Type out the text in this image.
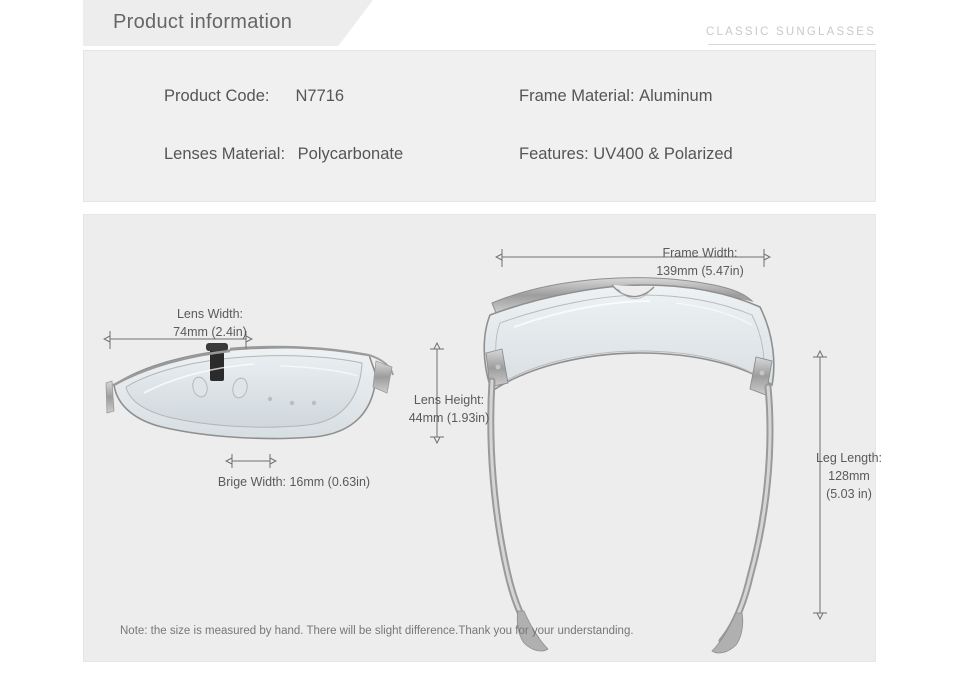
Product information	CLASSIC SUNGLASSES
Product Code: N7716
Lenses Material: Polycarbonate
Frame Material: Aluminum
Features: UV400 & Polarized
Frame Width:
139mm (5.47in)
Lens Width:
74mm (2.4in)
Lens Height:
44mm (1.93in)
Brige Width: 16mm (0.63in)
Leg Length:
128mm
(5.03 in)
Note: the size is measured by hand. There will be slight difference.Thank you for your understanding.
